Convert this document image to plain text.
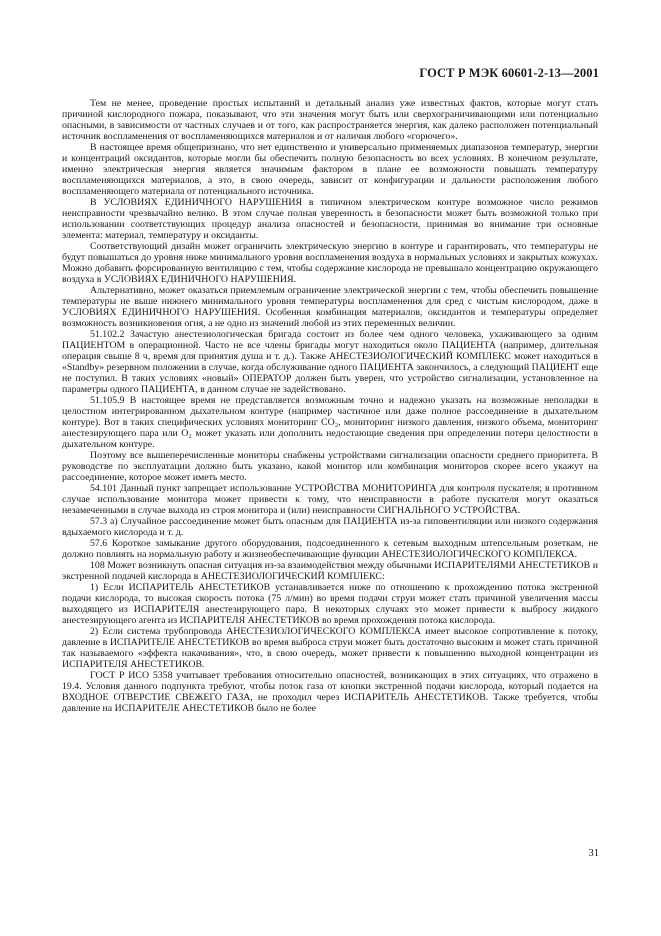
ГОСТ Р МЭК 60601-2-13—2001

Тем не менее, проведение простых испытаний и детальный анализ уже известных фактов, которые могут стать причиной кислородного пожара, показывают, что эти значения могут быть или сверхограничивающими или потенциально опасными, в зависимости от частных случаев и от того, как распространяется энергия, как далеко расположен потенциальный источник воспламенения от воспламеняющихся материалов и от наличия любого «горючего».

В настоящее время общепризнано, что нет единственно и универсально применяемых диапазонов температур, энергии и концентраций оксидантов, которые могли бы обеспечить полную безопасность во всех условиях. В конечном результате, именно электрическая энергия является значимым фактором в плане ее возможности повышать температуру воспламеняющихся материалов, а это, в свою очередь, зависит от конфигурации и дальности расположения любого воспламеняющего материала от потенциального источника.

В УСЛОВИЯХ ЕДИНИЧНОГО НАРУШЕНИЯ в типичном электрическом контуре возможное число режимов неисправности чрезвычайно велико. В этом случае полная уверенность в безопасности может быть возможной только при использовании соответствующих процедур анализа опасностей и безопасности, принимая во внимание три основные элемента: материал, температуру и оксиданты.

Соответствующий дизайн может ограничить электрическую энергию в контуре и гарантировать, что температуры не будут повышаться до уровня ниже минимального уровня воспламенения воздуха в нормальных условиях и закрытых кожухах. Можно добавить форсированную вентиляцию с тем, чтобы содержание кислорода не превышало концентрацию окружающего воздуха в УСЛОВИЯХ ЕДИНИЧНОГО НАРУШЕНИЯ.

Альтернативно, может оказаться приемлемым ограничение электрической энергии с тем, чтобы обеспечить повышение температуры не выше нижнего минимального уровня температуры воспламенения для сред с чистым кислородом, даже в УСЛОВИЯХ ЕДИНИЧНОГО НАРУШЕНИЯ. Особенная комбинация материалов, оксидантов и температуры определяет возможность возникновения огня, а не одно из значений любой из этих переменных величин.

51.102.2 Зачастую анестезиологическая бригада состоит из более чем одного человека, ухаживающего за одним ПАЦИЕНТОМ в операционной. Часто не все члены бригады могут находиться около ПАЦИЕНТА (например, длительная операция свыше 8 ч, время для принятия душа и т. д.). Также АНЕСТЕЗИОЛОГИЧЕСКИЙ КОМПЛЕКС может находиться в «Standby» резервном положении в случае, когда обслуживание одного ПАЦИЕНТА закончилось, а следующий ПАЦИЕНТ еще не поступил. В таких условиях «новый» ОПЕРАТОР должен быть уверен, что устройство сигнализации, установленное на параметры одного ПАЦИЕНТА, в данном случае не задействовано.

51.105.9 В настоящее время не представляется возможным точно и надежно указать на возможные неполадки в целостном интегрированном дыхательном контуре (например частичное или даже полное рассоединение в дыхательном контуре). Вот в таких специфических условиях мониторинг CO₂, мониторинг низкого давления, низкого объема, мониторинг анестезирующего пара или O₂ может указать или дополнить недостающие сведения при определении потери целостности в дыхательном контуре.

Поэтому все вышеперечисленные мониторы снабжены устройствами сигнализации опасности среднего приоритета. В руководстве по эксплуатации должно быть указано, какой монитор или комбинация мониторов скорее всего укажут на рассоединение, которое может иметь место.

54.101 Данный пункт запрещает использование УСТРОЙСТВА МОНИТОРИНГА для контроля пускателя; в противном случае использование монитора может привести к тому, что неисправности в работе пускателя могут оказаться незамеченными в случае выхода из строя монитора и (или) неисправности СИГНАЛЬНОГО УСТРОЙСТВА.

57.3 а) Случайное рассоединение может быть опасным для ПАЦИЕНТА из-за гиповентиляции или низкого содержания вдыхаемого кислорода и т. д.

57.6 Короткое замыкание другого оборудования, подсоединенного к сетевым выходным штепсельным розеткам, не должно повлиять на нормальную работу и жизнеобеспечивающие функции АНЕСТЕЗИОЛОГИЧЕСКОГО КОМПЛЕКСА.

108 Может возникнуть опасная ситуация из-за взаимодействия между обычными ИСПАРИТЕЛЯМИ АНЕСТЕТИКОВ и экстренной подачей кислорода в АНЕСТЕЗИОЛОГИЧЕСКИЙ КОМПЛЕКС:

1) Если ИСПАРИТЕЛЬ АНЕСТЕТИКОВ устанавливается ниже по отношению к прохождению потока экстренной подачи кислорода, то высокая скорость потока (75 л/мин) во время подачи струи может стать причиной увеличения массы выходящего из ИСПАРИТЕЛЯ анестезирующего пара. В некоторых случаях это может привести к выбросу жидкого анестезирующего агента из ИСПАРИТЕЛЯ АНЕСТЕТИКОВ во время прохождения потока кислорода.

2) Если система трубопровода АНЕСТЕЗИОЛОГИЧЕСКОГО КОМПЛЕКСА имеет высокое сопротивление к потоку, давление в ИСПАРИТЕЛЕ АНЕСТЕТИКОВ во время выброса струи может быть достаточно высоким и может стать причиной так называемого «эффекта накачивания», что, в свою очередь, может привести к повышению выходной концентрации из ИСПАРИТЕЛЯ АНЕСТЕТИКОВ.

ГОСТ Р ИСО 5358 учитывает требования относительно опасностей, возникающих в этих ситуациях, что отражено в 19.4. Условия данного подпункта требуют, чтобы поток газа от кнопки экстренной подачи кислорода, который подается на ВХОДНОЕ ОТВЕРСТИЕ СВЕЖЕГО ГАЗА, не проходил через ИСПАРИТЕЛЬ АНЕСТЕТИКОВ. Также требуется, чтобы давление на ИСПАРИТЕЛЕ АНЕСТЕТИКОВ было не более

31
